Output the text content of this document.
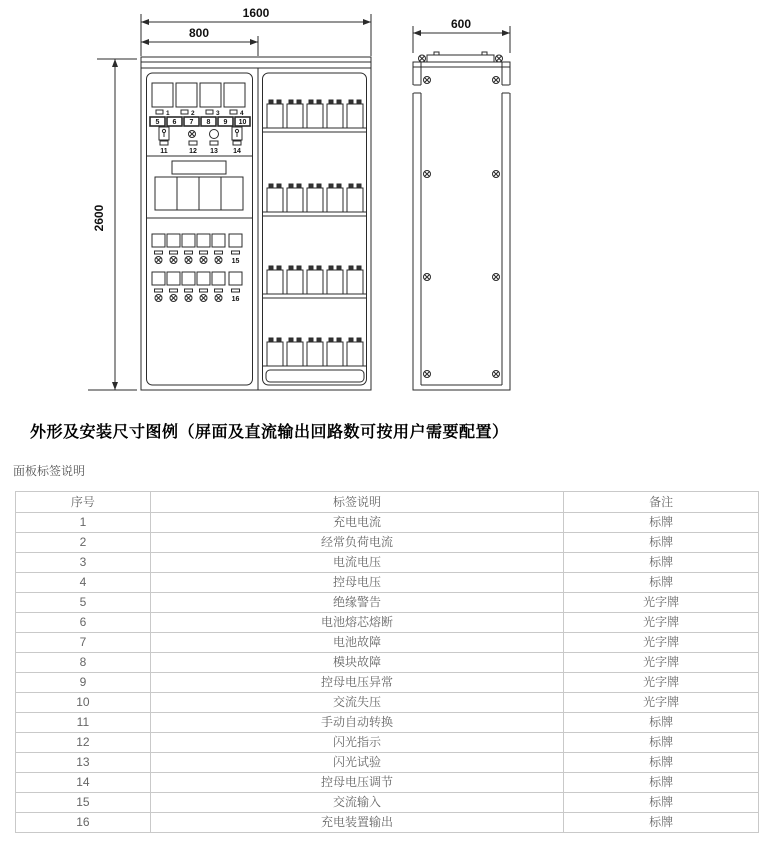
1600
800
2600
1	2	3	4
5 6 7 8 9 10
11	12 13 14
15
16
600
外形及安装尺寸图例（屏面及直流输出回路数可按用户需要配置）
面板标签说明
序号	标签说明	备注
1	充电电流	标牌
2	经常负荷电流	标牌
3	电流电压	标牌
4	控母电压	标牌
5	绝缘警告	光字牌
6	电池熔芯熔断	光字牌
7	电池故障	光字牌
8	模块故障	光字牌
9	控母电压异常	光字牌
10	交流失压	光字牌
11	手动自动转换	标牌
12	闪光指示	标牌
13	闪光试验	标牌
14	控母电压调节	标牌
15	交流输入	标牌
16	充电装置输出	标牌
